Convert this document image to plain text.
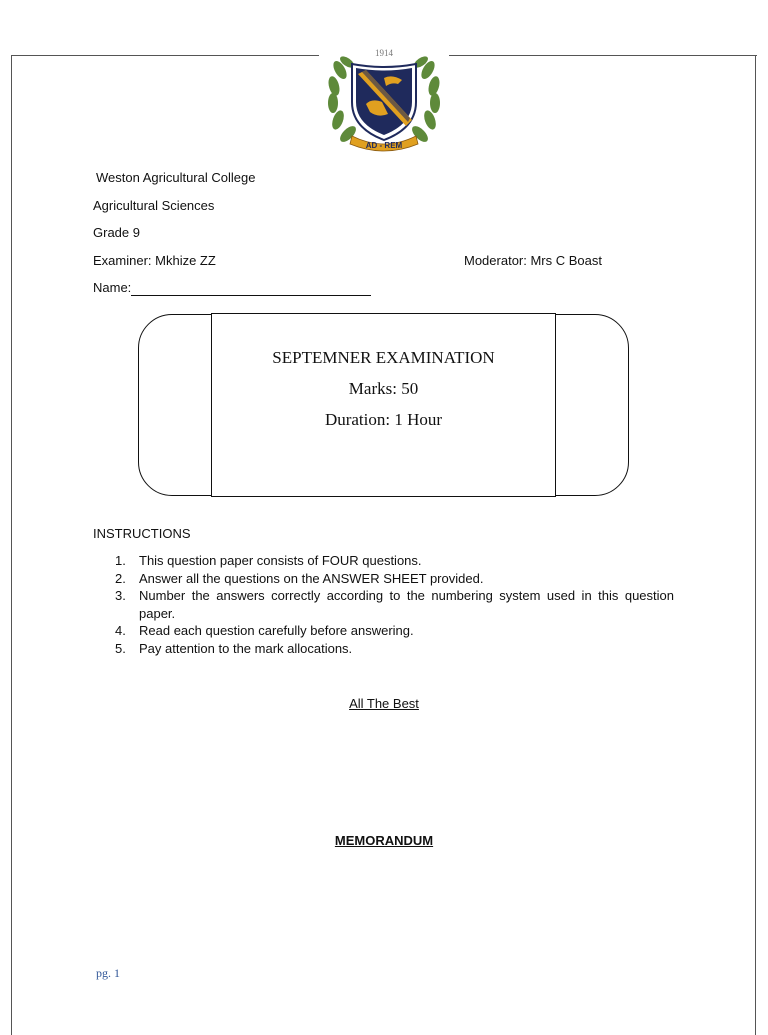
1914
AD - REM
Weston Agricultural College
Agricultural Sciences
Grade 9
Examiner: Mkhize ZZ	Moderator: Mrs C Boast
Name:
SEPTEMNER EXAMINATION
Marks: 50
Duration: 1 Hour
INSTRUCTIONS
1. This question paper consists of FOUR questions.
2. Answer all the questions on the ANSWER SHEET provided.
3. Number the answers correctly according to the numbering system used in this question paper.
4. Read each question carefully before answering.
5. Pay attention to the mark allocations.
All The Best
MEMORANDUM
pg. 1
